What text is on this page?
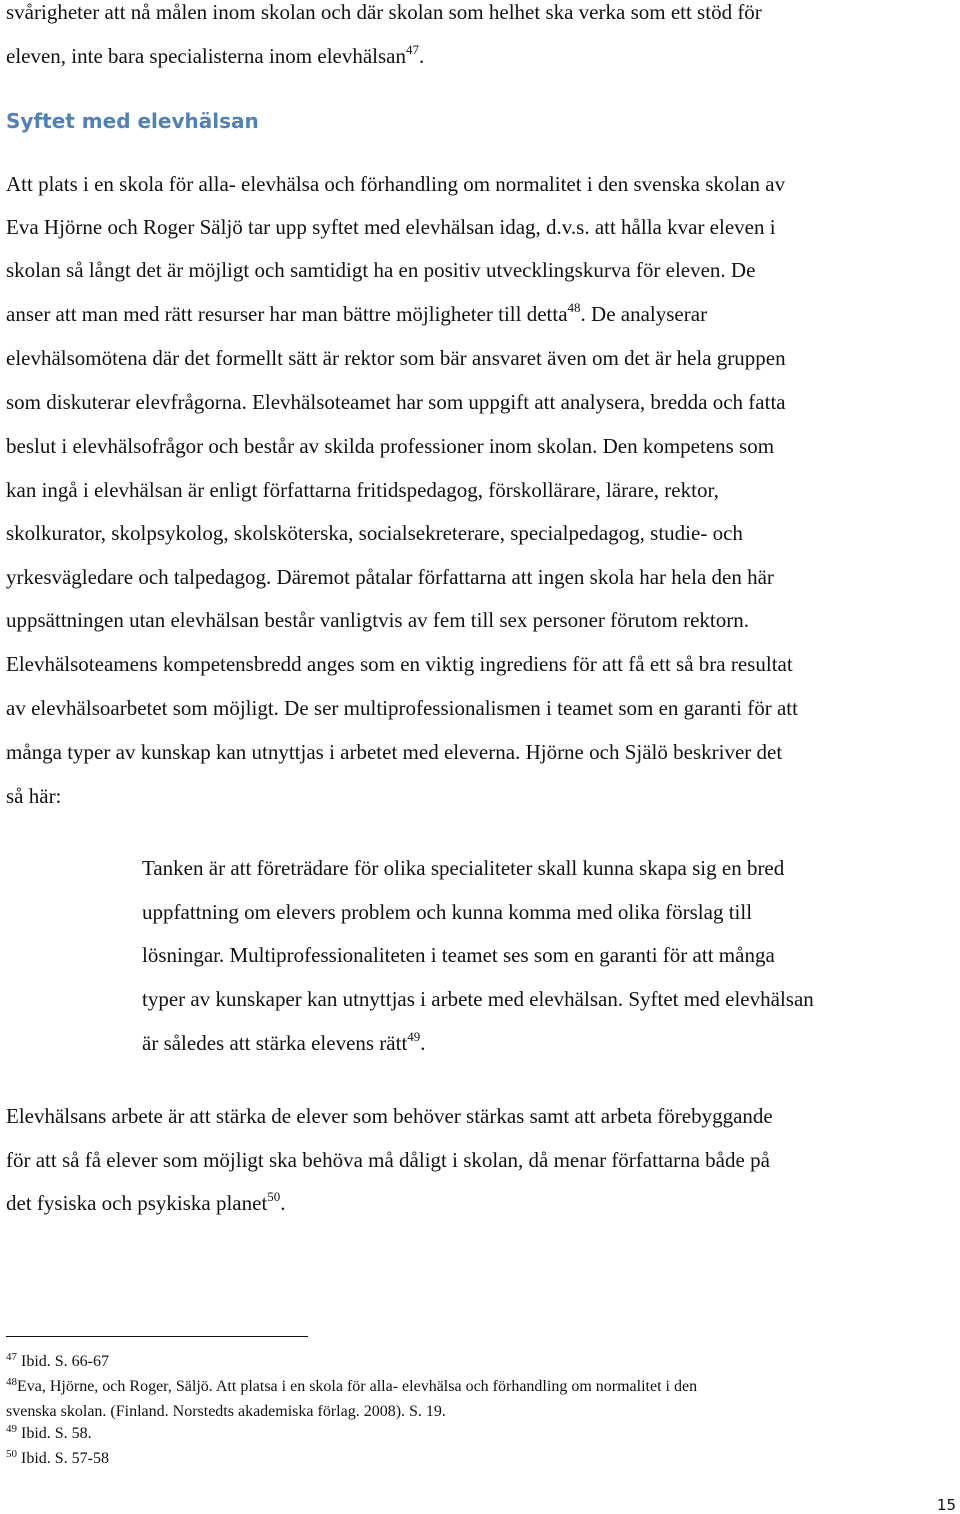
svårigheter att nå målen inom skolan och där skolan som helhet ska verka som ett stöd för
eleven, inte bara specialisterna inom elevhälsan$^{47}$.
Syftet med elevhälsan
Att plats i en skola för alla- elevhälsa och förhandling om normalitet i den svenska skolan av
Eva Hjörne och Roger Säljö tar upp syftet med elevhälsan idag, d.v.s. att hålla kvar eleven i
skolan så långt det är möjligt och samtidigt ha en positiv utvecklingskurva för eleven. De
anser att man med rätt resurser har man bättre möjligheter till detta$^{48}$. De analyserar
elevhälsomötena där det formellt sätt är rektor som bär ansvaret även om det är hela gruppen
som diskuterar elevfrågorna. Elevhälsoteamet har som uppgift att analysera, bredda och fatta
beslut i elevhälsofrågor och består av skilda professioner inom skolan. Den kompetens som
kan ingå i elevhälsan är enligt författarna fritidspedagog, förskollärare, lärare, rektor,
skolkurator, skolpsykolog, skolsköterska, socialsekreterare, specialpedagog, studie- och
yrkesvägledare och talpedagog. Däremot påtalar författarna att ingen skola har hela den här
uppsättningen utan elevhälsan består vanligtvis av fem till sex personer förutom rektorn.
Elevhälsoteamens kompetensbredd anges som en viktig ingrediens för att få ett så bra resultat
av elevhälsoarbetet som möjligt. De ser multiprofessionalismen i teamet som en garanti för att
många typer av kunskap kan utnyttjas i arbetet med eleverna. Hjörne och Själö beskriver det
så här:
Tanken är att företrädare för olika specialiteter skall kunna skapa sig en bred
uppfattning om elevers problem och kunna komma med olika förslag till
lösningar. Multiprofessionaliteten i teamet ses som en garanti för att många
typer av kunskaper kan utnyttjas i arbete med elevhälsan. Syftet med elevhälsan
är således att stärka elevens rätt$^{49}$.
Elevhälsans arbete är att stärka de elever som behöver stärkas samt att arbeta förebyggande
för att så få elever som möjligt ska behöva må dåligt i skolan, då menar författarna både på
det fysiska och psykiska planet$^{50}$.
$^{47}$ Ibid. S. 66-67
$^{48}$Eva, Hjörne, och Roger, Säljö. Att platsa i en skola för alla- elevhälsa och förhandling om normalitet i den
svenska skolan. (Finland. Norstedts akademiska förlag. 2008). S. 19.
$^{49}$ Ibid. S. 58.
$^{50}$ Ibid. S. 57-58
15
